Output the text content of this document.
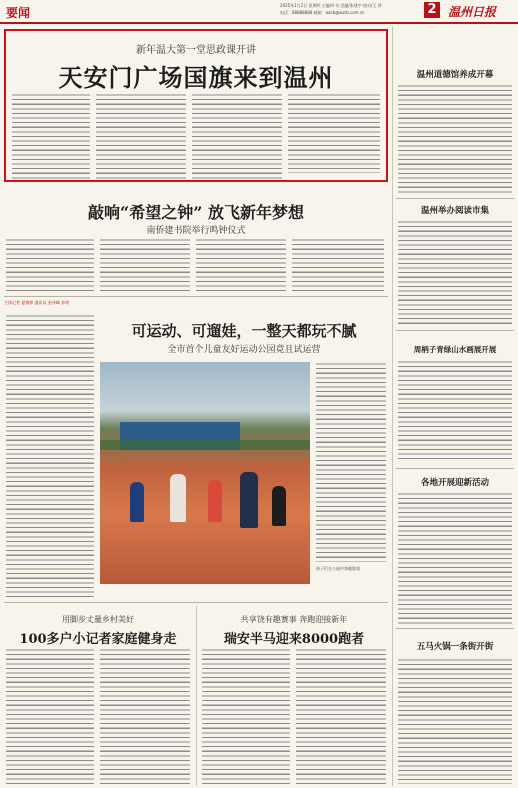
要闻
2025年1月2日 星期四 主编/叶书 美编/张建宇 校对/王 珍
电话：88888888 邮箱：wzrb@wzrb.com.cn	2 温州日报
新年温大第一堂思政课开讲
天安门广场国旗来到温州
敲响“希望之钟” 放飞新年梦想
南侨建书院举行鸣钟仪式
主体记者 夏雅婷 通讯员 金泽峰 孙明
可运动、可遛娃，一整天都玩不腻
全市首个儿童友好运动公园竟且试运营
孩子们在公园中奔跑嬉戏
用脚步丈量乡村美好
100多户小记者家庭健身走
共享饶有趣赛事 奔跑迎接新年
瑞安半马迎来8000跑者
温州道德馆养成开幕
温州举办阅读市集
周柄子青绿山水画展开展
各地开展迎新活动
五马火锅一条街开街
